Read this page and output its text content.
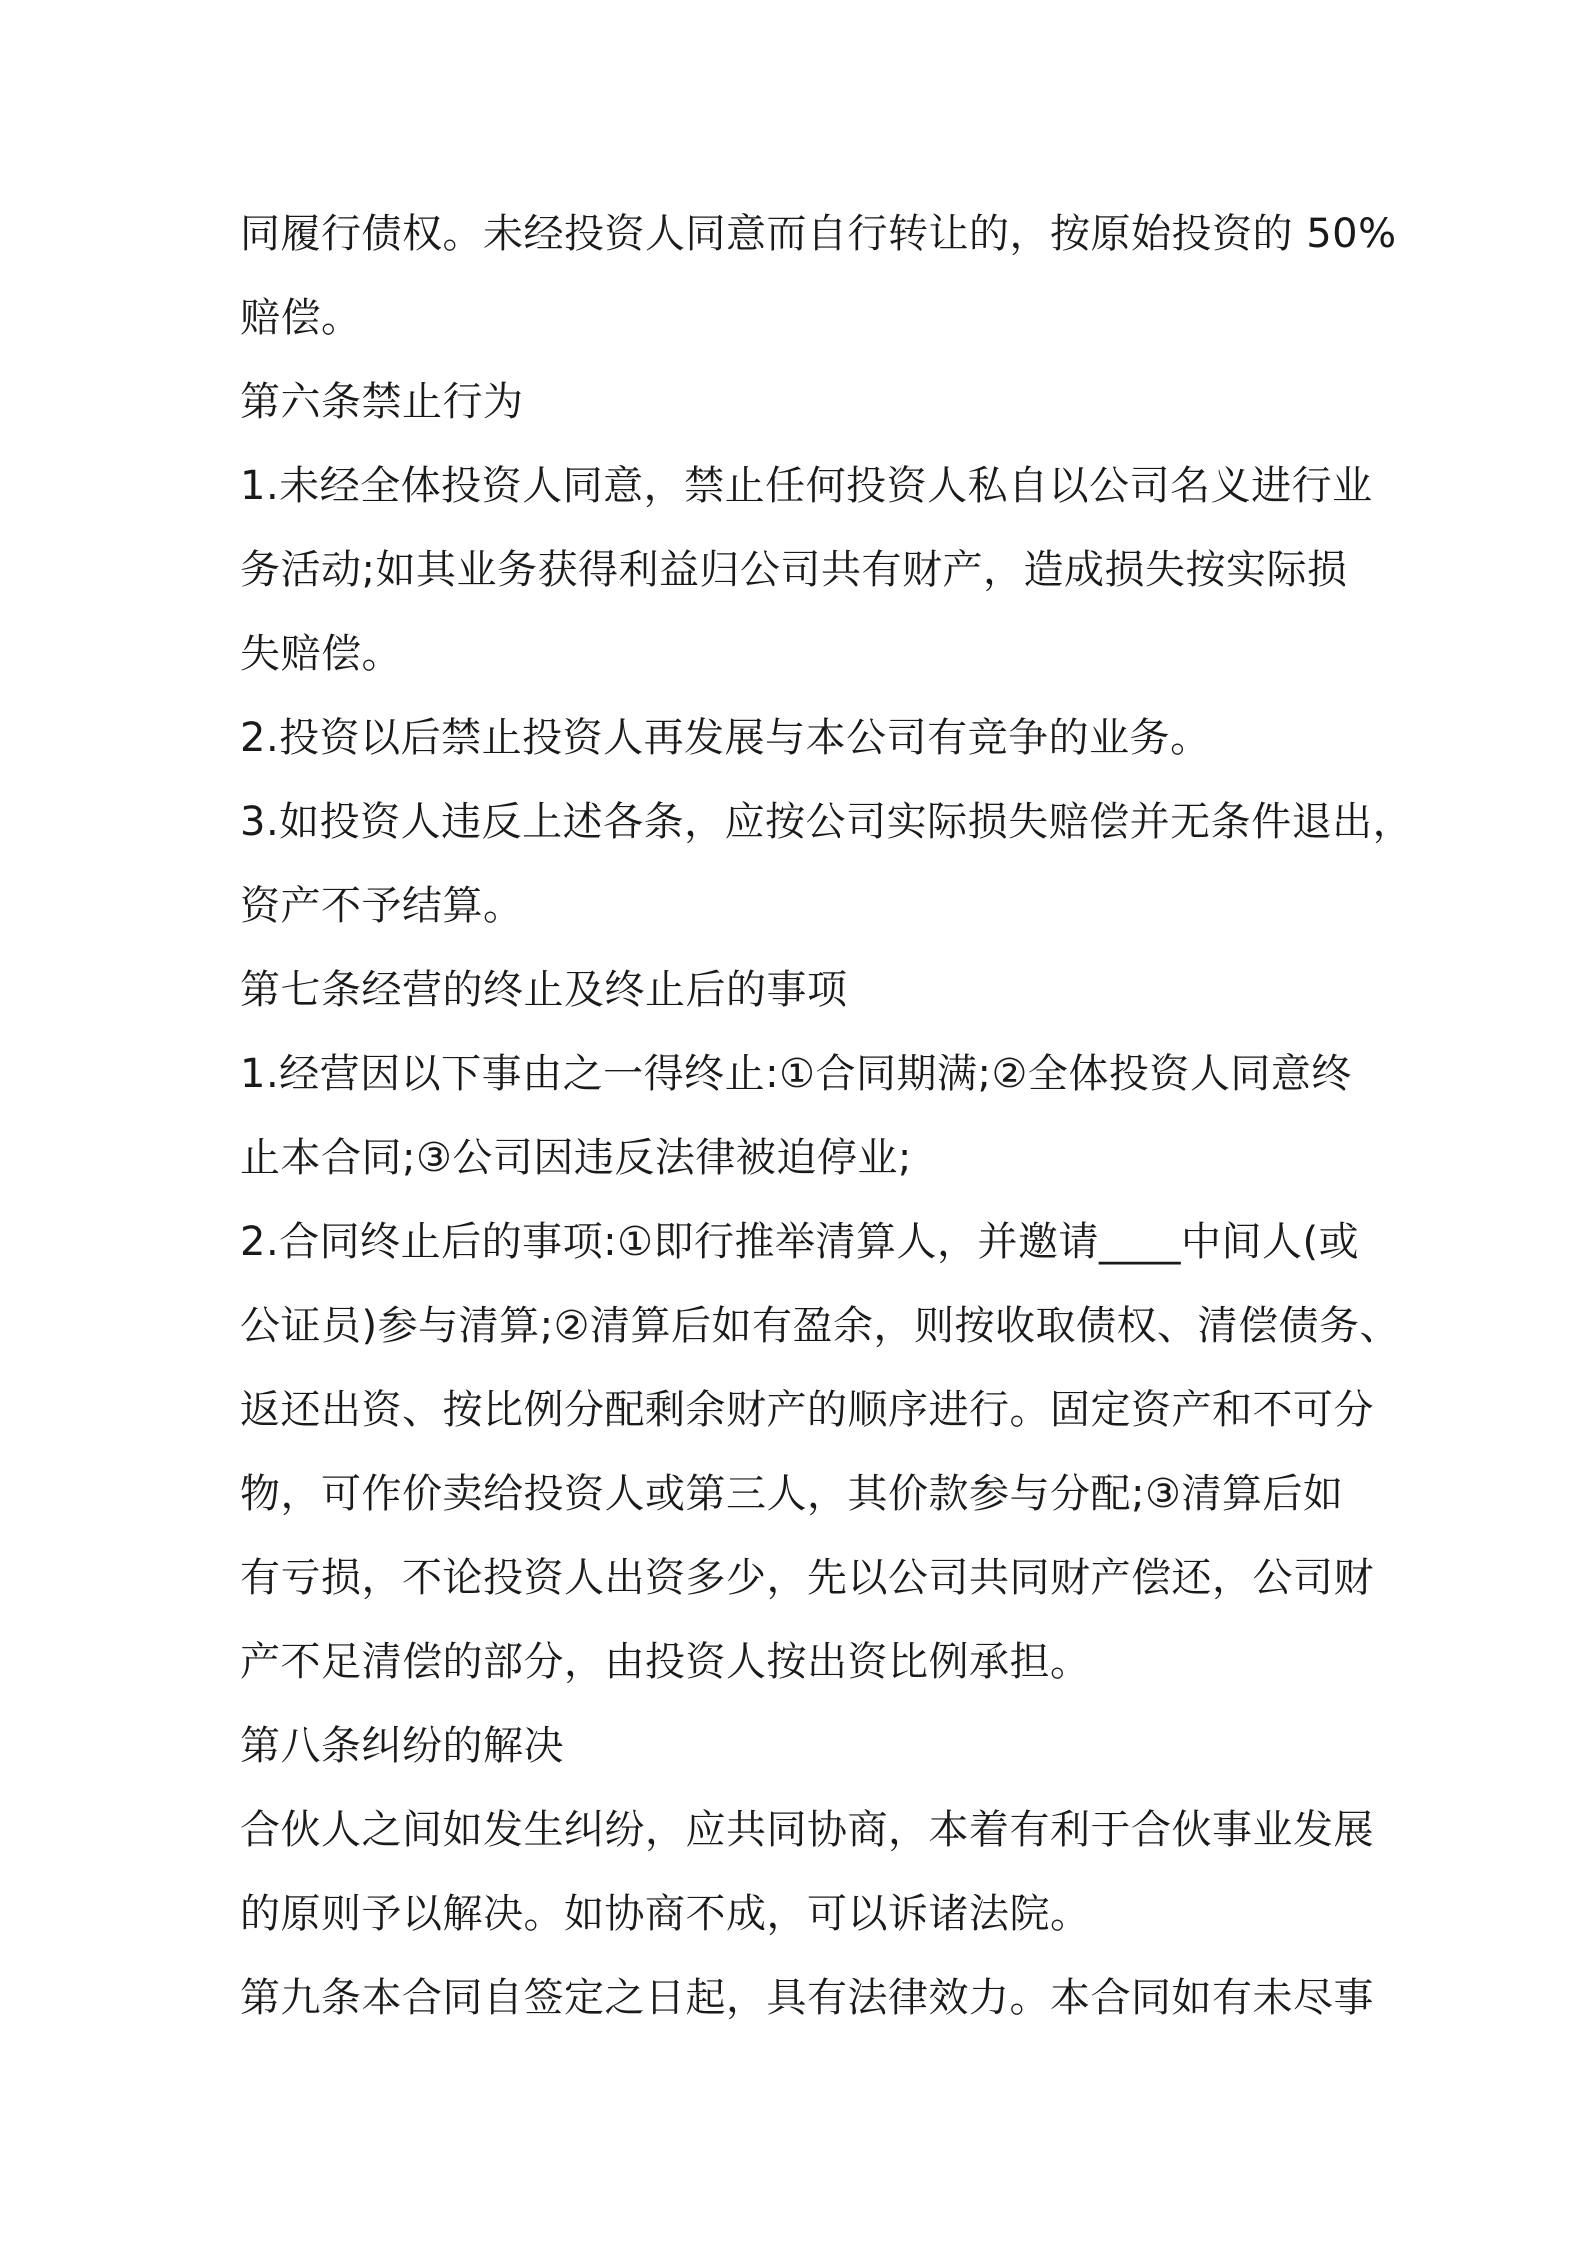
同履行债权。未经投资人同意而自行转让的，按原始投资的 50%
赔偿。
第六条禁止行为
1.未经全体投资人同意，禁止任何投资人私自以公司名义进行业
务活动;如其业务获得利益归公司共有财产，造成损失按实际损
失赔偿。
2.投资以后禁止投资人再发展与本公司有竞争的业务。
3.如投资人违反上述各条，应按公司实际损失赔偿并无条件退出，
资产不予结算。
第七条经营的终止及终止后的事项
1.经营因以下事由之一得终止:①合同期满;②全体投资人同意终
止本合同;③公司因违反法律被迫停业;
2.合同终止后的事项:①即行推举清算人，并邀请____中间人(或
公证员)参与清算;②清算后如有盈余，则按收取债权、清偿债务、
返还出资、按比例分配剩余财产的顺序进行。固定资产和不可分
物，可作价卖给投资人或第三人，其价款参与分配;③清算后如
有亏损，不论投资人出资多少，先以公司共同财产偿还，公司财
产不足清偿的部分，由投资人按出资比例承担。
第八条纠纷的解决
合伙人之间如发生纠纷，应共同协商，本着有利于合伙事业发展
的原则予以解决。如协商不成，可以诉诸法院。
第九条本合同自签定之日起，具有法律效力。本合同如有未尽事
